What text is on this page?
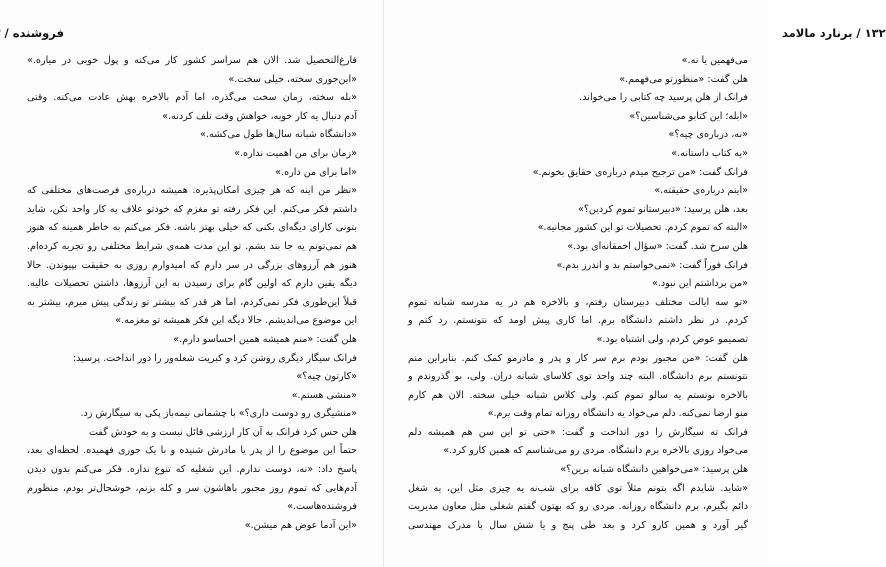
فروشنده /
فارغ‌التحصیل شد. الان هم سراسر کشور کار می‌کنه و پول خوبی در میاره.»
«این‌جوری سخته، خیلی سخت.»
«بله سخته، زمان سخت می‌گذره، اما آدم بالاخره بهش عادت می‌کنه. وقتی
آدم دنبال یه کار خوبه، خواهش وقت تلف کردنه.»
«دانشگاه شبانه سال‌ها طول می‌کشه.»
«زمان برای من اهمیت نداره.»
«اما برای من داره.»
«نظر من اینه که هر چیزی امکان‌پذیره. همیشه درباره‌ی فرصت‌های مختلفی که
داشتم فکر می‌کنم. این فکر رفته تو مغزم که خودتو علاف یه کار واحد نکن، شاید
بتونی کارای دیگه‌ای بکنی که خیلی بهتر باشه. فکر می‌کنم به خاطر همینه که هنوز
هم نمی‌تونم یه جا بند بشم. تو این مدت همه‌ی شرایط مختلفی رو تجربه کرده‌ام.
هنوز هم آرزوهای بزرگی در سر دارم که امیدوارم روزی به حقیقت بپیوندن. حالا
دیگه یقین دارم که اولین گام برای رسیدن به این آرزوها، داشتن تحصیلات عالیه.
قبلاً این‌طوری فکر نمی‌کردم، اما هر قدر که بیشتر تو زندگی پیش میرم، بیشتر به
این موضوع می‌اندیشم. حالا دیگه این فکر همیشه تو مغزمه.»
هلن گفت: «منم همیشه همین احساسو دارم.»
فرانک سیگار دیگری روشن کرد و کبریت شعله‌ور را دور انداخت. پرسید:
«کارتون چیه؟»
«منشی هستم.»
«منشیگری رو دوست داری؟» با چشمانی نیمه‌باز پکی به سیگارش زد.
هلن حس کرد فرانک به آن کار ارزشی قائل نیست و به خودش گفت
حتماً این موضوع را از پدر یا مادرش شنیده و با یک جوری فهمیده. لحظه‌ای بعد،
پاسخ داد: «نه، دوست ندارم. این شغلیه که تنوع نداره. فکر می‌کنم بدون دیدن
آدم‌هایی که تموم روز مجبور باهاشون سر و کله بزنم، خوشحال‌تر بودم، منظورم
فروشنده‌هاست.»
«این آدما عوض هم میشن.»
۱۳۲ / برنارد مالامد
می‌فهمین یا نه.»
هلن گفت: «منظورتو می‌فهمم.»
فرانک از هلن پرسید چه کتابی را می‌خواند.
«ابله؛ این کتابو می‌شناسین؟»
«نه، درباره‌ی چیه؟»
«یه کتاب داستانه.»
فرانک گفت: «من ترجیح میدم درباره‌ی حقایق بخونم.»
«اینم درباره‌ی حقیقته.»
بعد، هلن پرسید: «دبیرستانو تموم کردین؟»
«البته که تموم کردم. تحصیلات تو این کشور مجانیه.»
هلن سرخ شد. گفت: «سؤال احمقانه‌ای بود.»
فرانک فوراً گفت: «نمی‌خواستم بد و اندرز بدم.»
«من برداشتم این نبود.»
«تو سه ایالت مختلف دبیرستان رفتم، و بالاخره هم در یه مدرسه شبانه تموم
کردم. در نظر داشتم دانشگاه برم. اما کاری پیش اومد که نتونستم. رد کنم و
تصمیمو عوض کردم، ولی اشتباه بود.»
هلن گفت: «من مجبور بودم برم سر کار و پدر و مادرمو کمک کنم. بنابراین منم
نتونستم برم دانشگاه. البته چند واحد توی کلاسای شبانه دراِن. ولی، بو گذروندم و
بالاخره نونستم یه سالو تموم کنم. ولی کلاس شبانه خیلی سخته. الان هم کارم
منو ارضا نمی‌کنه. دلم می‌خواد یه دانشگاه روزانه تمام وقت برم.»
فرانک ته سیگارش را دور انداخت و گفت: «حتی تو این سن هم همیشه دلم
می‌خواد روزی بالاخره برم دانشگاه. مردی رو می‌شناسم که همین کارو کرد.»
هلن پرسید: «می‌خواهین دانشگاه شبانه برین؟»
«شاید. شایدم اگه بتونم مثلاً توی کافه برای شب‌نه یه چیزی مثل این، یه شغل
دائم بگیرم، برم دانشگاه روزانه. مردی رو که بهتون گفتم شغلی مثل معاون مدیریت
گیر آورد و همین کارو کرد و بعد طی پنج و یا شش سال با مدرک مهندسی
